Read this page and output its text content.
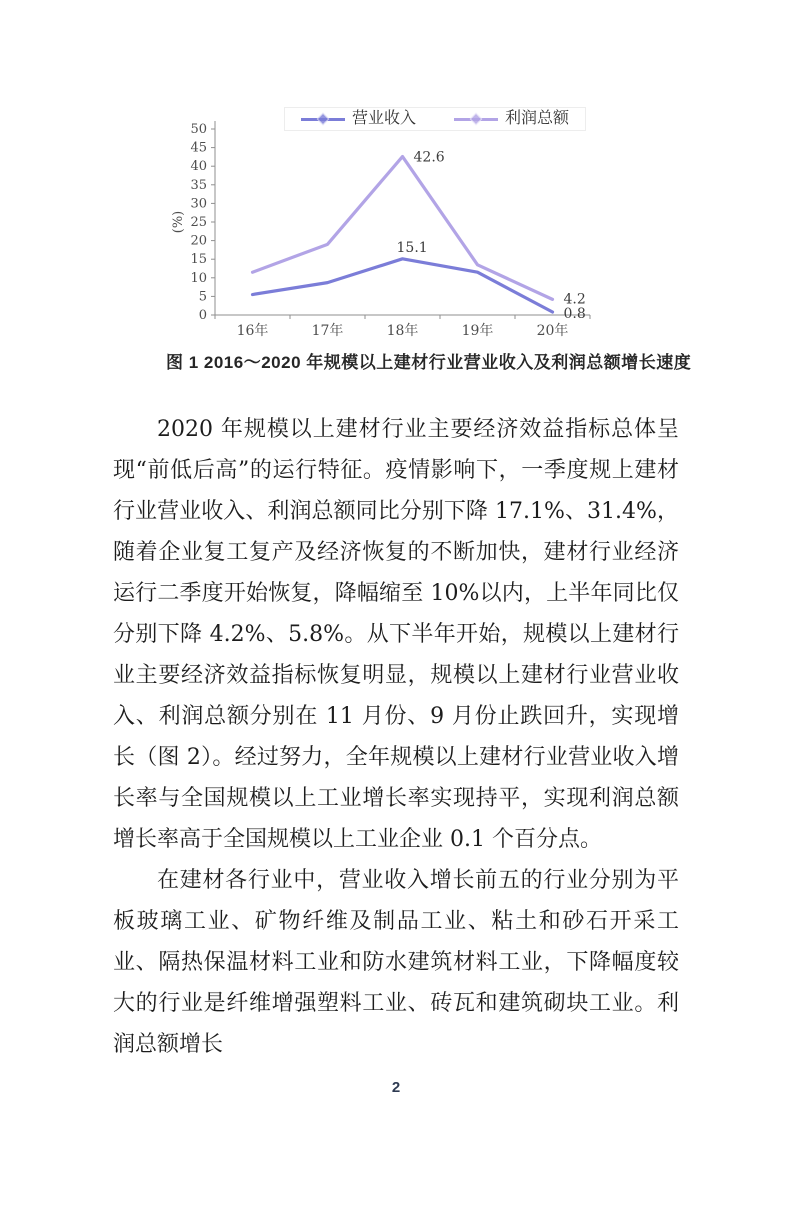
营业收入	利润总额
0
5
10
15
20
25
30
35
40
45
50
16年	17年	18年	19年	20年
(%)
42.6
15.1
4.2
0.8
图 1 2016～2020 年规模以上建材行业营业收入及利润总额增长速度

2020 年规模以上建材行业主要经济效益指标总体呈现“前低后高”的运行特征。疫情影响下，一季度规上建材行业营业收入、利润总额同比分别下降 17.1%、31.4%，随着企业复工复产及经济恢复的不断加快，建材行业经济运行二季度开始恢复，降幅缩至 10%以内，上半年同比仅分别下降 4.2%、5.8%。从下半年开始，规模以上建材行业主要经济效益指标恢复明显，规模以上建材行业营业收入、利润总额分别在 11 月份、9 月份止跌回升，实现增长（图 2）。经过努力，全年规模以上建材行业营业收入增长率与全国规模以上工业增长率实现持平，实现利润总额增长率高于全国规模以上工业企业 0.1 个百分点。

在建材各行业中，营业收入增长前五的行业分别为平板玻璃工业、矿物纤维及制品工业、粘土和砂石开采工业、隔热保温材料工业和防水建筑材料工业，下降幅度较大的行业是纤维增强塑料工业、砖瓦和建筑砌块工业。利润总额增长

2
